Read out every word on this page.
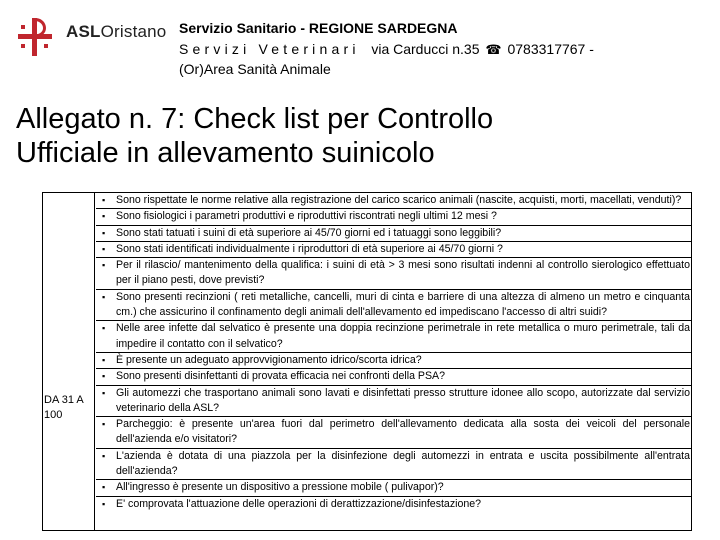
ASLOristano Servizio Sanitario - REGIONE SARDEGNA
Servizi Veterinari via Carducci n.35 ☎ 0783317767 -
(Or)Area Sanità Animale
Allegato n. 7: Check list per Controllo
Ufficiale in allevamento suinicolo
DA 31 A 100
▪ Sono rispettate le norme relative alla registrazione del carico scarico animali (nascite, acquisti, morti, macellati, venduti)?
▪ Sono fisiologici i parametri produttivi e riproduttivi riscontrati negli ultimi 12 mesi ?
▪ Sono stati tatuati i suini di età superiore ai 45/70 giorni ed i tatuaggi sono leggibili?
▪ Sono stati identificati individualmente i riproduttori di età superiore ai 45/70 giorni ?
▪ Per il rilascio/ mantenimento della qualifica: i suini di età > 3 mesi sono risultati indenni al controllo sierologico effettuato per il piano pesti, dove previsti?
▪ Sono presenti recinzioni ( reti metalliche, cancelli, muri di cinta e barriere di una altezza di almeno un metro e cinquanta cm.) che assicurino il confinamento degli animali dell'allevamento ed impediscano l'accesso di altri suidi?
▪ Nelle aree infette dal selvatico è presente una doppia recinzione perimetrale in rete metallica o muro perimetrale, tali da impedire il contatto con il selvatico?
▪ È presente un adeguato approvvigionamento idrico/scorta idrica?
▪ Sono presenti disinfettanti di provata efficacia nei confronti della PSA?
▪ Gli automezzi che trasportano animali sono lavati e disinfettati presso strutture idonee allo scopo, autorizzate dal servizio veterinario della ASL?
▪ Parcheggio: è presente un'area fuori dal perimetro dell'allevamento dedicata alla sosta dei veicoli del personale dell'azienda e/o visitatori?
▪ L'azienda è dotata di una piazzola per la disinfezione degli automezzi in entrata e uscita possibilmente all'entrata dell'azienda?
▪ All'ingresso è presente un dispositivo a pressione mobile ( pulivapor)?
▪ E' comprovata l'attuazione delle operazioni di derattizzazione/disinfestazione?
